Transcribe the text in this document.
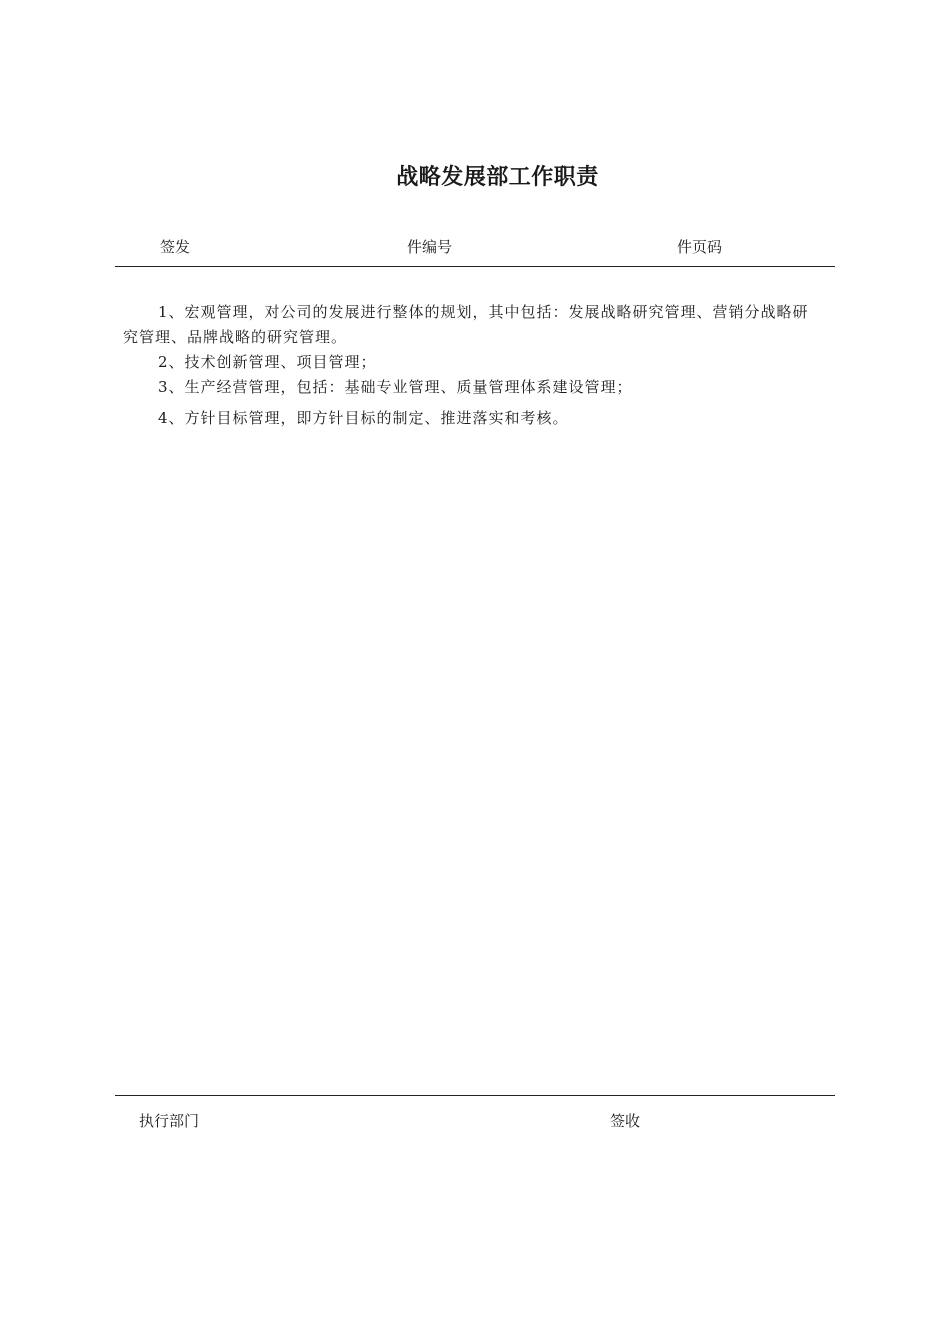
战略发展部工作职责
签发	件编号	件页码

1、宏观管理，对公司的发展进行整体的规划，其中包括：发展战略研究管理、营销分战略研究管理、品牌战略的研究管理。

2、技术创新管理、项目管理；

3、生产经营管理，包括：基础专业管理、质量管理体系建设管理；

4、方针目标管理，即方针目标的制定、推进落实和考核。

执行部门	签收
